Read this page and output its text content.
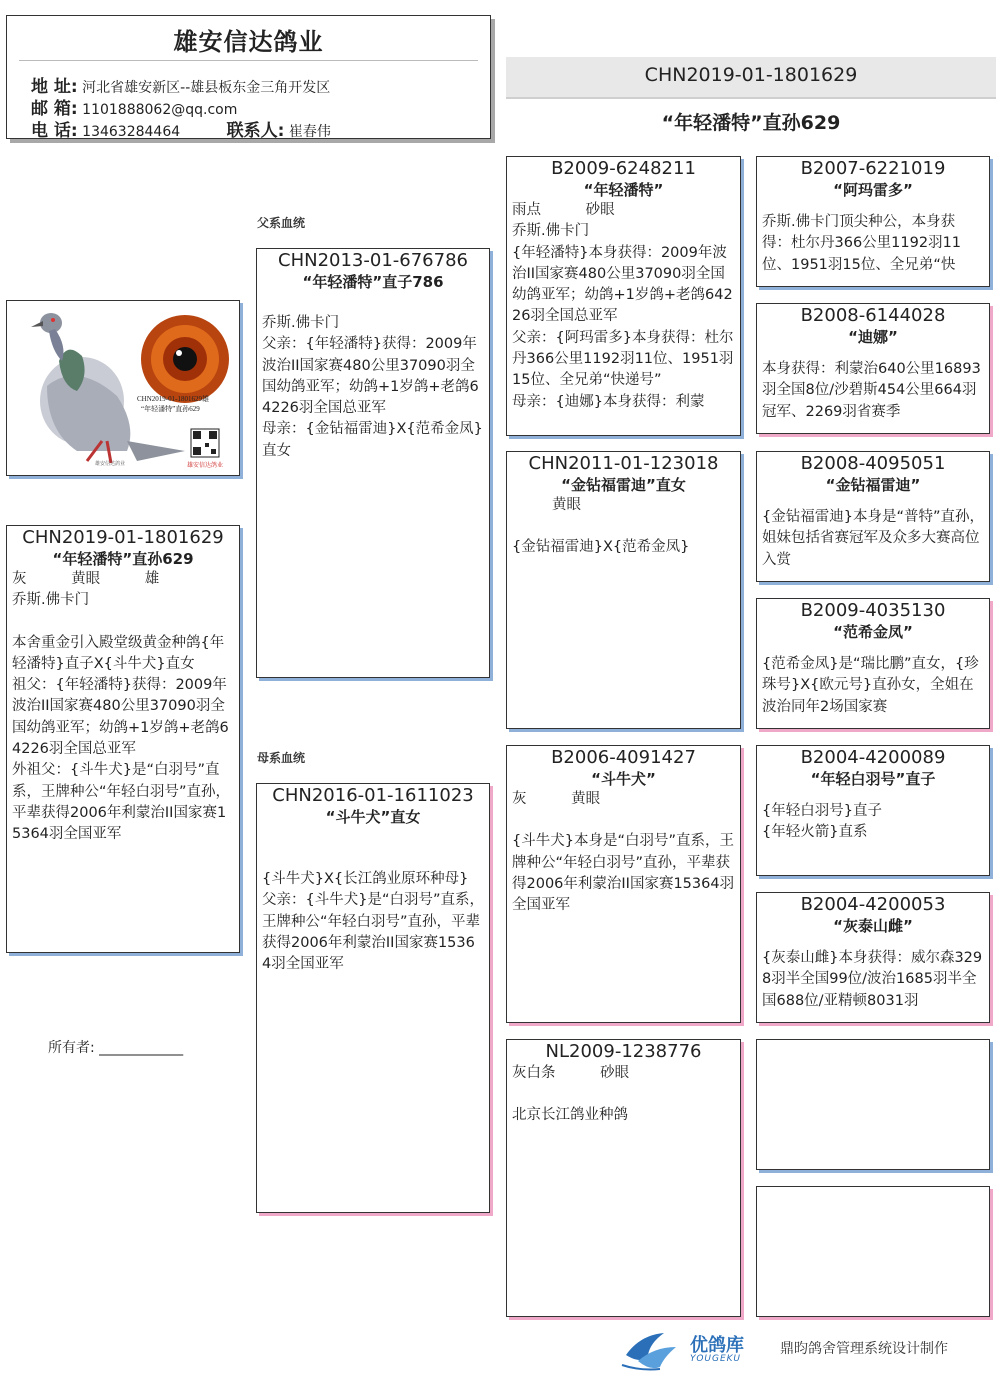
雄安信达鸽业
地 址: 河北省雄安新区--雄县板东金三角开发区
邮 箱: 1101888062@qq.com
电 话: 13463284464	联系人: 崔春伟
CHN2019-01-1801629
“年轻潘特”直孙629
父系血统
母系血统
CHN2019-01-1801629雄
“年轻潘特”直孙629
雄安信达鸽业
雄安信达鸽业
CHN2019-01-1801629
“年轻潘特”直孙629
灰	黄眼	雄
乔斯.佛卡门
本舍重金引入殿堂级黄金种鸽{年轻潘特}直子X{斗牛犬}直女
祖父：{年轻潘特}获得：2009年波治II国家赛480公里37090羽全国幼鸽亚军；幼鸽+1岁鸽+老鸽64226羽全国总亚军
外祖父：{斗牛犬}是“白羽号”直系，王牌种公“年轻白羽号”直孙，平辈获得2006年利蒙治II国家赛15364羽全国亚军
所有者: ____________
CHN2013-01-676786
“年轻潘特”直子786
乔斯.佛卡门
父亲：{年轻潘特}获得：2009年波治II国家赛480公里37090羽全国幼鸽亚军；幼鸽+1岁鸽+老鸽64226羽全国总亚军
母亲：{金钻福雷迪}X{范希金凤}直女
CHN2016-01-1611023
“斗牛犬”直女
{斗牛犬}X{长江鸽业原环种母}
父亲：{斗牛犬}是“白羽号”直系，王牌种公“年轻白羽号”直孙，平辈获得2006年利蒙治II国家赛15364羽全国亚军
B2009-6248211
“年轻潘特”
雨点	砂眼
乔斯.佛卡门
{年轻潘特}本身获得：2009年波治II国家赛480公里37090羽全国幼鸽亚军；幼鸽+1岁鸽+老鸽64226羽全国总亚军
父亲：{阿玛雷多}本身获得：杜尔丹366公里1192羽11位、1951羽15位、全兄弟“快递号”
母亲：{迪娜}本身获得：利蒙
CHN2011-01-123018
“金钻福雷迪”直女
黄眼
{金钻福雷迪}X{范希金凤}
B2006-4091427
“斗牛犬”
灰	黄眼
{斗牛犬}本身是“白羽号”直系，王牌种公“年轻白羽号”直孙，平辈获得2006年利蒙治II国家赛15364羽全国亚军
NL2009-1238776
灰白条	砂眼
北京长江鸽业种鸽
B2007-6221019
“阿玛雷多”
乔斯.佛卡门顶尖种公，本身获得：杜尔丹366公里1192羽11位、1951羽15位、全兄弟“快
B2008-6144028
“迪娜”
本身获得：利蒙治640公里16893羽全国8位/沙碧斯454公里664羽冠军、2269羽省赛季
B2008-4095051
“金钻福雷迪”
{金钻福雷迪}本身是“普特”直孙，姐妹包括省赛冠军及众多大赛高位入赏
B2009-4035130
“范希金凤”
{范希金凤}是“瑞比鹏”直女，{珍珠号}X{欧元号}直孙女，全姐在波治同年2场国家赛
B2004-4200089
“年轻白羽号”直子
{年轻白羽号}直子
{年轻火箭}直系
B2004-4200053
“灰泰山雌”
{灰泰山雌}本身获得：威尔森3298羽半全国99位/波治1685羽半全国688位/亚精顿8031羽
优鸽库
YOUGEKU
鼎昀鸽舍管理系统设计制作
